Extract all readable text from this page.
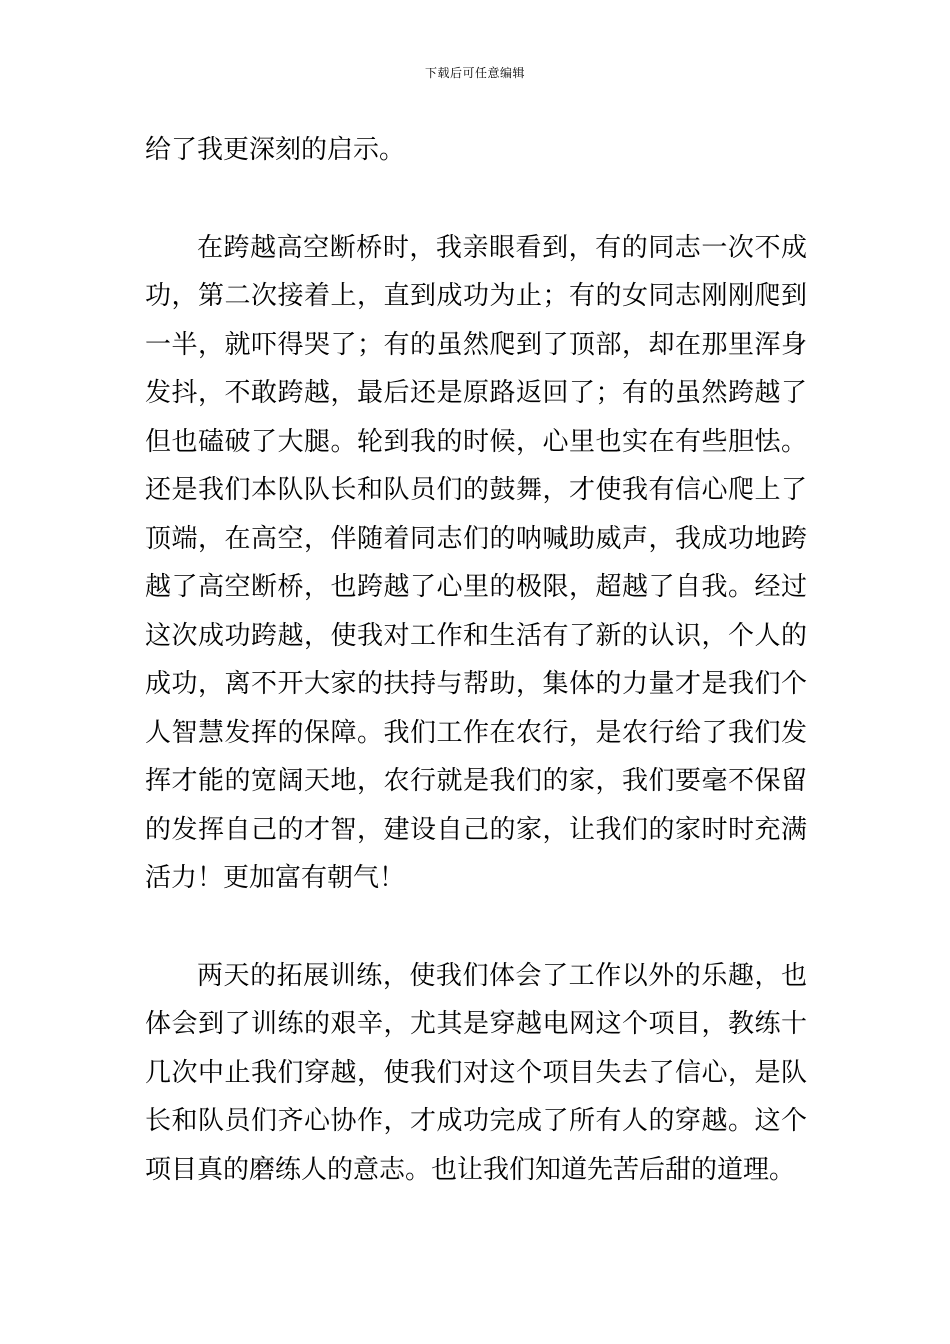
下载后可任意编辑

给了我更深刻的启示。

在跨越高空断桥时，我亲眼看到，有的同志一次不成功，第二次接着上，直到成功为止；有的女同志刚刚爬到一半，就吓得哭了；有的虽然爬到了顶部，却在那里浑身发抖，不敢跨越，最后还是原路返回了；有的虽然跨越了但也磕破了大腿。轮到我的时候，心里也实在有些胆怯。还是我们本队队长和队员们的鼓舞，才使我有信心爬上了顶端，在高空，伴随着同志们的呐喊助威声，我成功地跨越了高空断桥，也跨越了心里的极限，超越了自我。经过这次成功跨越，使我对工作和生活有了新的认识，个人的成功，离不开大家的扶持与帮助，集体的力量才是我们个人智慧发挥的保障。我们工作在农行，是农行给了我们发挥才能的宽阔天地，农行就是我们的家，我们要毫不保留的发挥自己的才智，建设自己的家，让我们的家时时充满活力！更加富有朝气！

两天的拓展训练，使我们体会了工作以外的乐趣，也体会到了训练的艰辛，尤其是穿越电网这个项目，教练十几次中止我们穿越，使我们对这个项目失去了信心，是队长和队员们齐心协作，才成功完成了所有人的穿越。这个项目真的磨练人的意志。也让我们知道先苦后甜的道理。
